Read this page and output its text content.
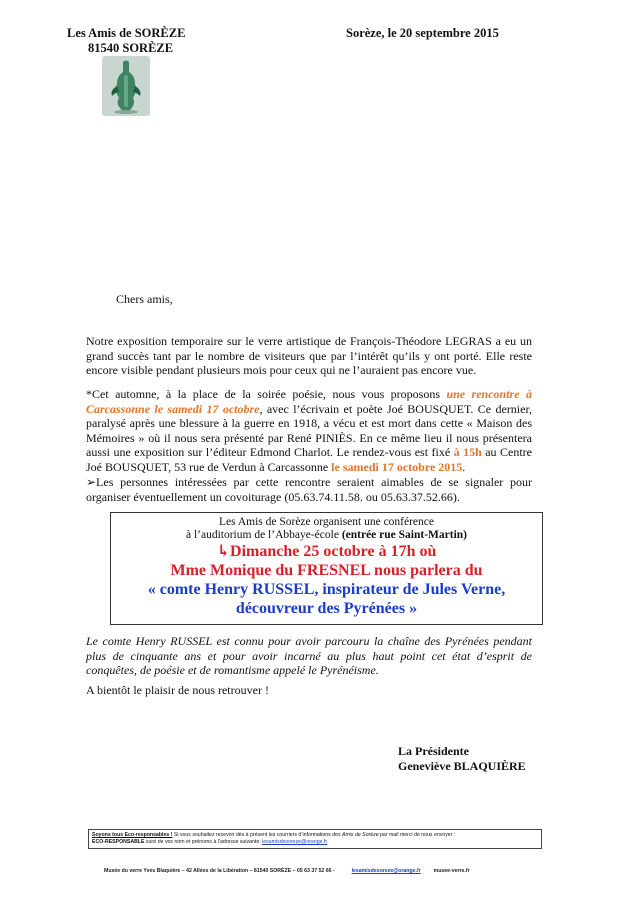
Les Amis de SORÈZE
81540 SORÈZE
Sorèze, le 20 septembre 2015
Chers amis,
Notre exposition temporaire sur le verre artistique de François-Théodore LEGRAS a eu un grand succès tant par le nombre de visiteurs que par l’intérêt qu’ils y ont porté. Elle reste encore visible pendant plusieurs mois pour ceux qui ne l’auraient pas encore vue.
*Cet automne, à la place de la soirée poésie, nous vous proposons une rencontre à Carcassonne le samedi 17 octobre, avec l’écrivain et poète Joé BOUSQUET. Ce dernier, paralysé après une blessure à la guerre en 1918, a vécu et est mort dans cette « Maison des Mémoires » où il nous sera présenté par René PINIÈS. En ce même lieu il nous présentera aussi une exposition sur l’éditeur Edmond Charlot. Le rendez-vous est fixé à 15h au Centre Joé BOUSQUET, 53 rue de Verdun à Carcassonne le samedi 17 octobre 2015.
➢Les personnes intéressées par cette rencontre seraient aimables de se signaler pour organiser éventuellement un covoiturage (05.63.74.11.58. ou 05.63.37.52.66).
Les Amis de Sorèze organisent une conférence
à l’auditorium de l’Abbaye-école (entrée rue Saint-Martin)
↳Dimanche 25 octobre à 17h où
Mme Monique du FRESNEL nous parlera du
« comte Henry RUSSEL, inspirateur de Jules Verne,
découvreur des Pyrénées »
Le comte Henry RUSSEL est connu pour avoir parcouru la chaîne des Pyrénées pendant plus de cinquante ans et pour avoir incarné au plus haut point cet état d’esprit de conquêtes, de poésie et de romantisme appelé le Pyrénéisme.
A bientôt le plaisir de nous retrouver !
La Présidente
Geneviève BLAQUIÈRE
Soyons tous Eco-responsables ! Si vous souhaitez recevoir dès à présent les courriers d’informations des Amis de Sorèze par mail merci de nous envoyer :
ECO-RESPONSABLE suivi de vos nom et prénoms à l’adresse suivante: lesamisdesoreze@orange.fr
Musée du verre Yves Blaquière – 42 Allées de la Libération – 81540 SORÈZE – 05 63 37 52 66 -	lesamisdesoreze@orange.fr musee-verre.fr
